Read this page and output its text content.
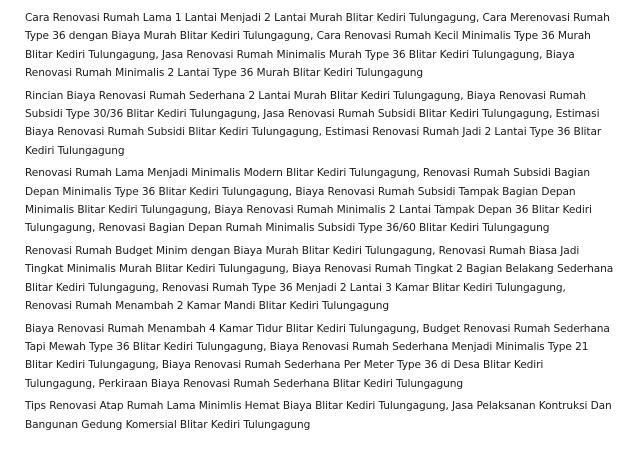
Cara Renovasi Rumah Lama 1 Lantai Menjadi 2 Lantai Murah Blitar Kediri Tulungagung, Cara Merenovasi Rumah Type 36 dengan Biaya Murah Blitar Kediri Tulungagung, Cara Renovasi Rumah Kecil Minimalis Type 36 Murah Blitar Kediri Tulungagung, Jasa Renovasi Rumah Minimalis Murah Type 36 Blitar Kediri Tulungagung, Biaya Renovasi Rumah Minimalis 2 Lantai Type 36 Murah Blitar Kediri Tulungagung

Rincian Biaya Renovasi Rumah Sederhana 2 Lantai Murah Blitar Kediri Tulungagung, Biaya Renovasi Rumah Subsidi Type 30/36 Blitar Kediri Tulungagung, Jasa Renovasi Rumah Subsidi Blitar Kediri Tulungagung, Estimasi Biaya Renovasi Rumah Subsidi Blitar Kediri Tulungagung, Estimasi Renovasi Rumah Jadi 2 Lantai Type 36 Blitar Kediri Tulungagung

Renovasi Rumah Lama Menjadi Minimalis Modern Blitar Kediri Tulungagung, Renovasi Rumah Subsidi Bagian Depan Minimalis Type 36 Blitar Kediri Tulungagung, Biaya Renovasi Rumah Subsidi Tampak Bagian Depan Minimalis Blitar Kediri Tulungagung, Biaya Renovasi Rumah Minimalis 2 Lantai Tampak Depan 36 Blitar Kediri Tulungagung, Renovasi Bagian Depan Rumah Minimalis Subsidi Type 36/60 Blitar Kediri Tulungagung

Renovasi Rumah Budget Minim dengan Biaya Murah Blitar Kediri Tulungagung, Renovasi Rumah Biasa Jadi Tingkat Minimalis Murah Blitar Kediri Tulungagung, Biaya Renovasi Rumah Tingkat 2 Bagian Belakang Sederhana Blitar Kediri Tulungagung, Renovasi Rumah Type 36 Menjadi 2 Lantai 3 Kamar Blitar Kediri Tulungagung, Renovasi Rumah Menambah 2 Kamar Mandi Blitar Kediri Tulungagung

Biaya Renovasi Rumah Menambah 4 Kamar Tidur Blitar Kediri Tulungagung, Budget Renovasi Rumah Sederhana Tapi Mewah Type 36 Blitar Kediri Tulungagung, Biaya Renovasi Rumah Sederhana Menjadi Minimalis Type 21 Blitar Kediri Tulungagung, Biaya Renovasi Rumah Sederhana Per Meter Type 36 di Desa Blitar Kediri Tulungagung, Perkiraan Biaya Renovasi Rumah Sederhana Blitar Kediri Tulungagung

Tips Renovasi Atap Rumah Lama Minimlis Hemat Biaya Blitar Kediri Tulungagung, Jasa Pelaksanan Kontruksi Dan Bangunan Gedung Komersial Blitar Kediri Tulungagung
